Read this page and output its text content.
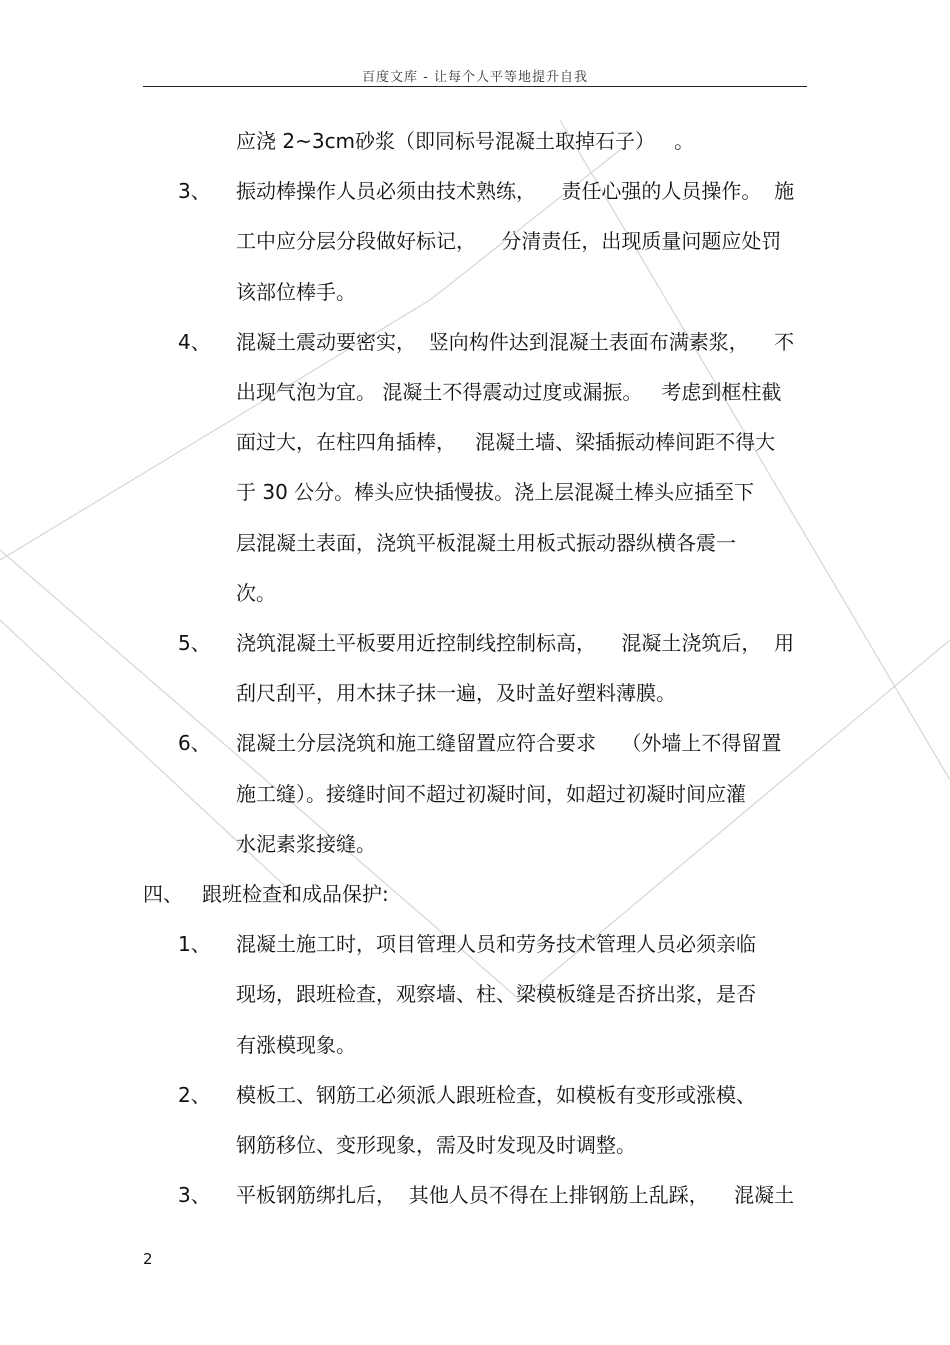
百度文库 - 让每个人平等地提升自我
应浇 2~3cm砂浆（即同标号混凝土取掉石子）   。
3、 振动棒操作人员必须由技术熟练，    责任心强的人员操作。  施
工中应分层分段做好标记，    分清责任，出现质量问题应处罚
该部位棒手。
4、 混凝土震动要密实，  竖向构件达到混凝土表面布满素浆，    不
出现气泡为宜。 混凝土不得震动过度或漏振。   考虑到框柱截
面过大，在柱四角插棒，   混凝土墙、梁插振动棒间距不得大
于 30 公分。棒头应快插慢拔。浇上层混凝土棒头应插至下
层混凝土表面，浇筑平板混凝土用板式振动器纵横各震一
次。
5、 浇筑混凝土平板要用近控制线控制标高，    混凝土浇筑后，  用
刮尺刮平，用木抹子抹一遍，及时盖好塑料薄膜。
6、 混凝土分层浇筑和施工缝留置应符合要求    （外墙上不得留置
施工缝）。接缝时间不超过初凝时间，如超过初凝时间应灌
水泥素浆接缝。
四、 跟班检查和成品保护:
1、 混凝土施工时，项目管理人员和劳务技术管理人员必须亲临
现场，跟班检查，观察墙、柱、梁模板缝是否挤出浆，是否
有涨模现象。
2、 模板工、钢筋工必须派人跟班检查，如模板有变形或涨模、
钢筋移位、变形现象，需及时发现及时调整。
3、 平板钢筋绑扎后，  其他人员不得在上排钢筋上乱踩，    混凝土
2
